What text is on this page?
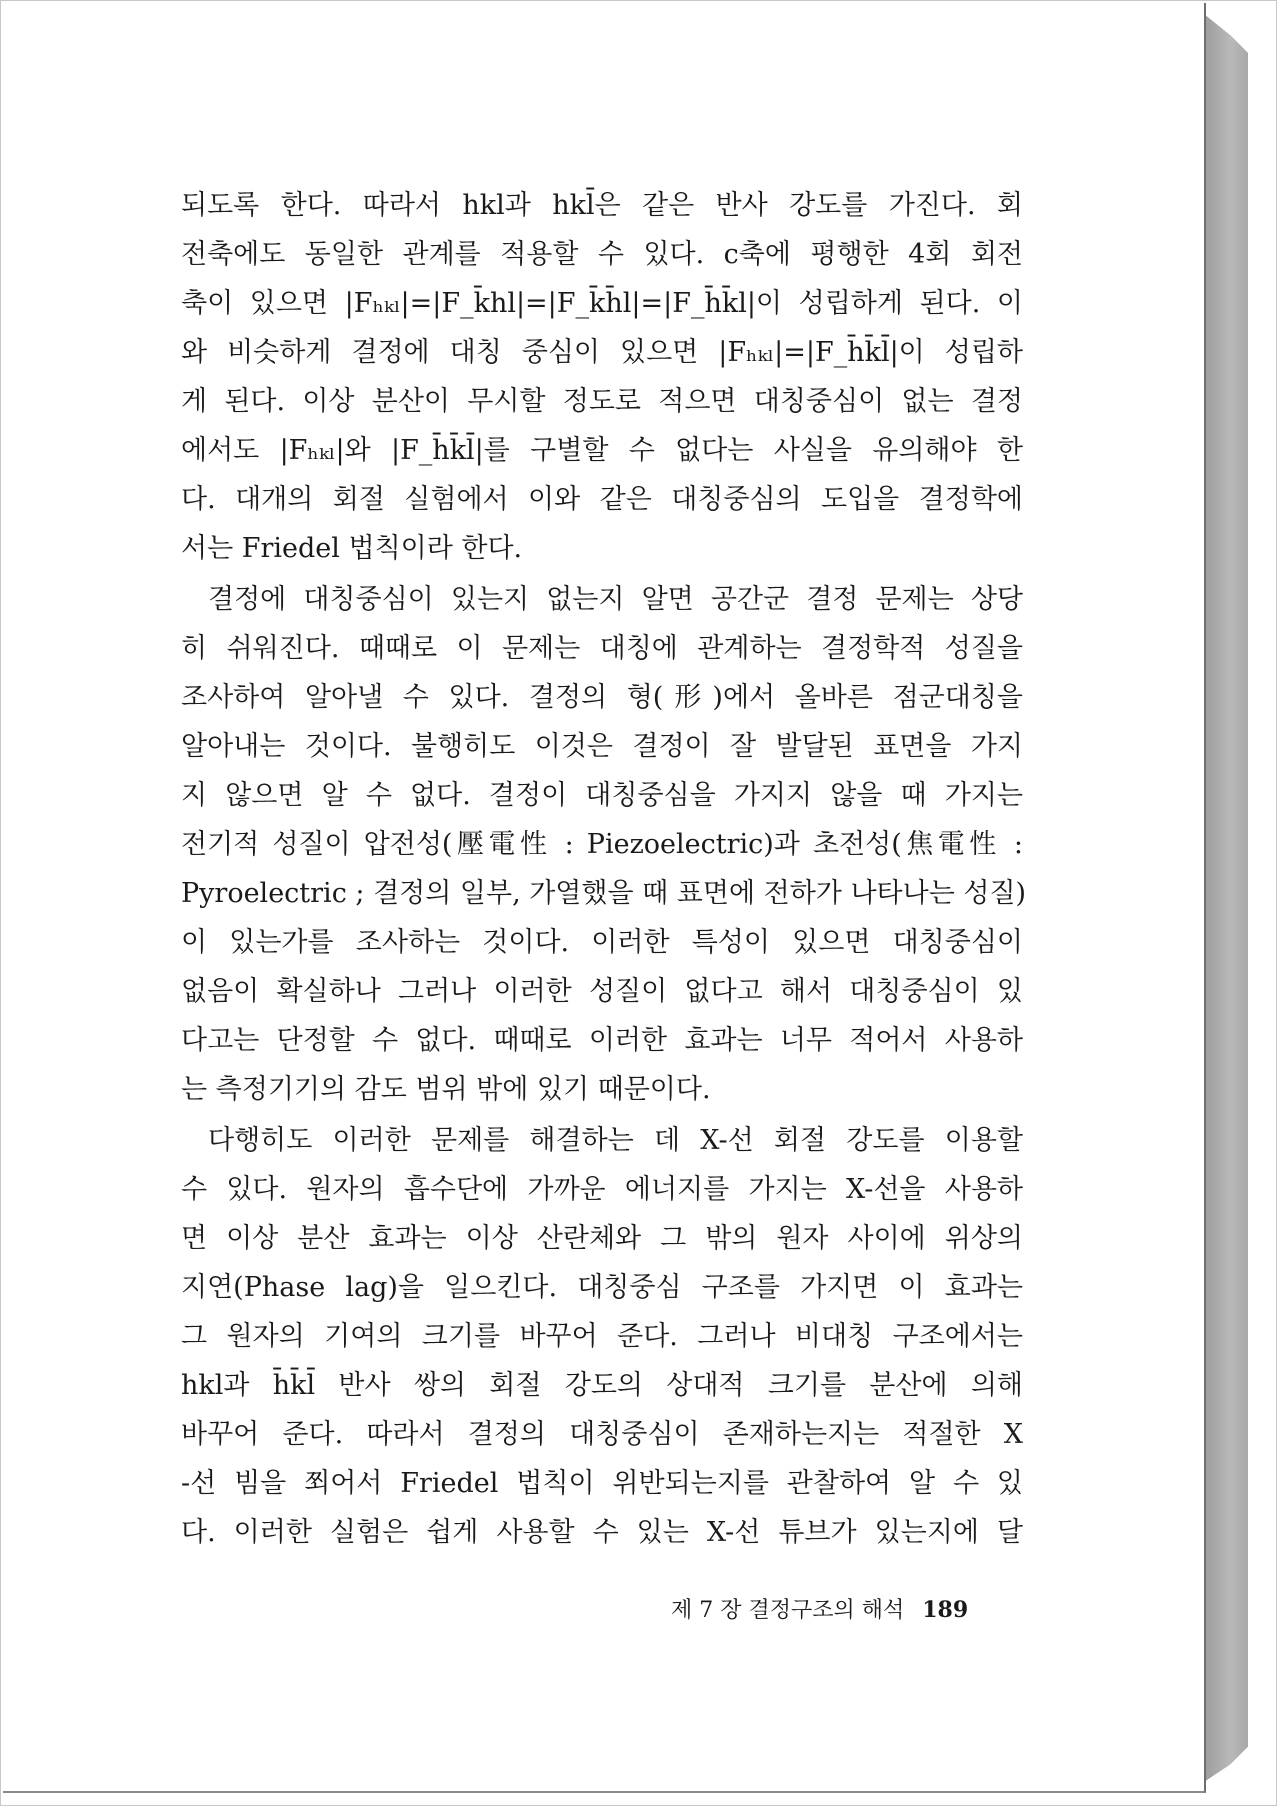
되도록 한다. 따라서 hkl과 hkl̄은 같은 반사 강도를 가진다. 회
전축에도 동일한 관계를 적용할 수 있다. c축에 평행한 4회 회전
축이 있으면 |Fₕₖₗ|=|F_k̄hl|=|F_k̄h̄l|=|F_h̄k̄l|이 성립하게 된다. 이
와 비슷하게 결정에 대칭 중심이 있으면 |Fₕₖₗ|=|F_h̄k̄l̄|이 성립하
게 된다. 이상 분산이 무시할 정도로 적으면 대칭중심이 없는 결정
에서도 |Fₕₖₗ|와 |F_h̄k̄l̄|를 구별할 수 없다는 사실을 유의해야 한
다. 대개의 회절 실험에서 이와 같은 대칭중심의 도입을 결정학에
서는 Friedel 법칙이라 한다.
결정에 대칭중심이 있는지 없는지 알면 공간군 결정 문제는 상당
히 쉬워진다. 때때로 이 문제는 대칭에 관계하는 결정학적 성질을
조사하여 알아낼 수 있다. 결정의 형(形)에서 올바른 점군대칭을
알아내는 것이다. 불행히도 이것은 결정이 잘 발달된 표면을 가지
지 않으면 알 수 없다. 결정이 대칭중심을 가지지 않을 때 가지는
전기적 성질이 압전성(壓電性 : Piezoelectric)과 초전성(焦電性 :
Pyroelectric ; 결정의 일부, 가열했을 때 표면에 전하가 나타나는 성질)
이 있는가를 조사하는 것이다. 이러한 특성이 있으면 대칭중심이
없음이 확실하나 그러나 이러한 성질이 없다고 해서 대칭중심이 있
다고는 단정할 수 없다. 때때로 이러한 효과는 너무 적어서 사용하
는 측정기기의 감도 범위 밖에 있기 때문이다.
다행히도 이러한 문제를 해결하는 데 X-선 회절 강도를 이용할
수 있다. 원자의 흡수단에 가까운 에너지를 가지는 X-선을 사용하
면 이상 분산 효과는 이상 산란체와 그 밖의 원자 사이에 위상의
지연(Phase lag)을 일으킨다. 대칭중심 구조를 가지면 이 효과는
그 원자의 기여의 크기를 바꾸어 준다. 그러나 비대칭 구조에서는
hkl과 h̄k̄l̄ 반사 쌍의 회절 강도의 상대적 크기를 분산에 의해
바꾸어 준다. 따라서 결정의 대칭중심이 존재하는지는 적절한 X
-선 빔을 쬐어서 Friedel 법칙이 위반되는지를 관찰하여 알 수 있
다. 이러한 실험은 쉽게 사용할 수 있는 X-선 튜브가 있는지에 달
제 7 장 결정구조의 해석 189
